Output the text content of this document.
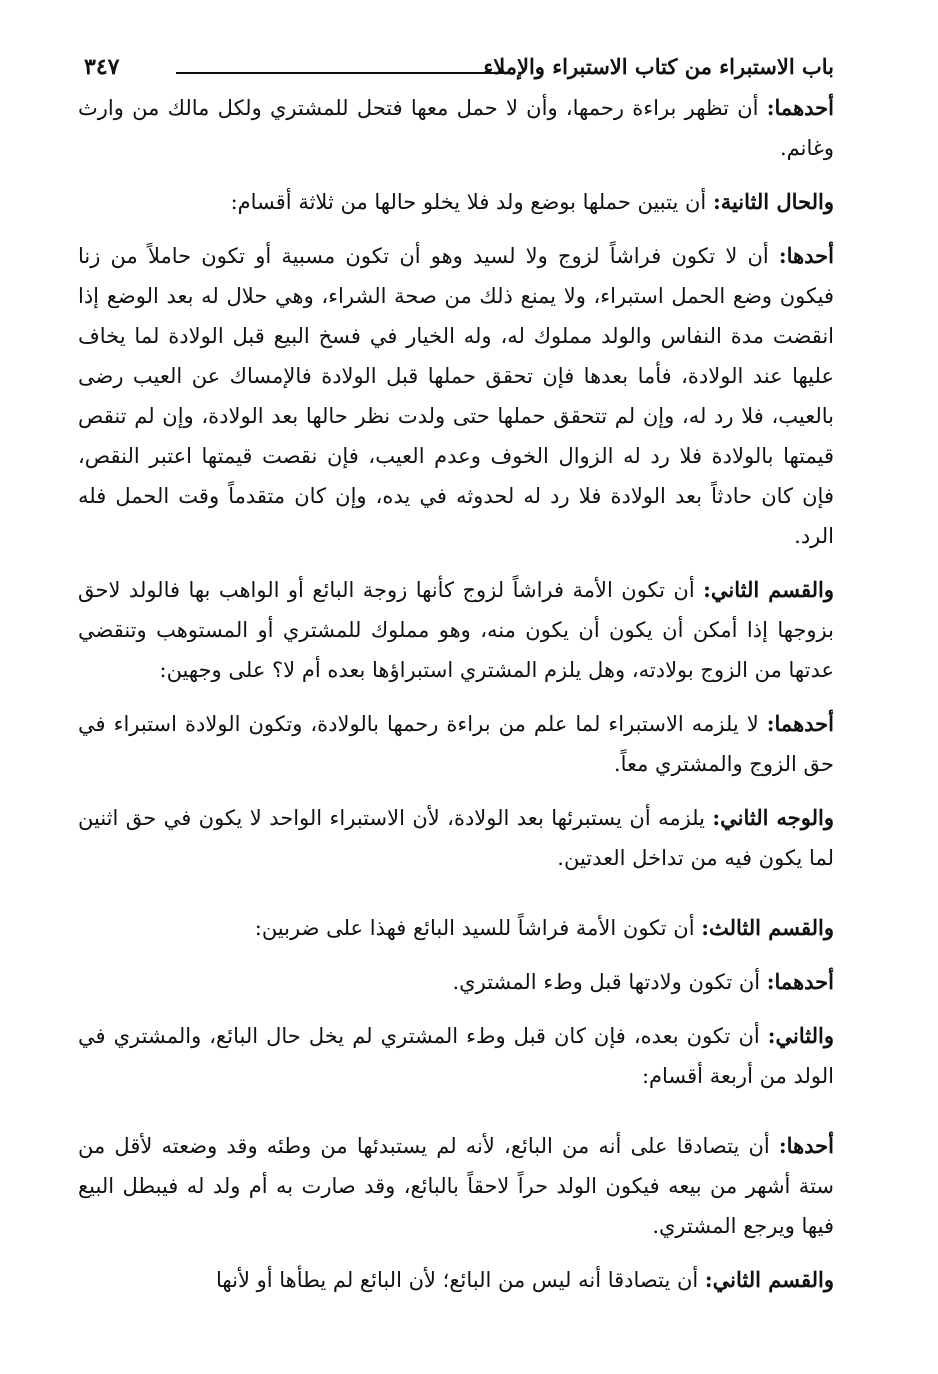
باب الاستبراء من كتاب الاستبراء والإملاء
٣٤٧

أحدهما: أن تظهر براءة رحمها، وأن لا حمل معها فتحل للمشتري ولكل مالك من وارث وغانم.

والحال الثانية: أن يتبين حملها بوضع ولد فلا يخلو حالها من ثلاثة أقسام:

أحدها: أن لا تكون فراشاً لزوج ولا لسيد وهو أن تكون مسبية أو تكون حاملاً من زنا فيكون وضع الحمل استبراء، ولا يمنع ذلك من صحة الشراء، وهي حلال له بعد الوضع إذا انقضت مدة النفاس والولد مملوك له، وله الخيار في فسخ البيع قبل الولادة لما يخاف عليها عند الولادة، فأما بعدها فإن تحقق حملها قبل الولادة فالإمساك عن العيب رضى بالعيب، فلا رد له، وإن لم تتحقق حملها حتى ولدت نظر حالها بعد الولادة، وإن لم تنقص قيمتها بالولادة فلا رد له الزوال الخوف وعدم العيب، فإن نقصت قيمتها اعتبر النقص، فإن كان حادثاً بعد الولادة فلا رد له لحدوثه في يده، وإن كان متقدماً وقت الحمل فله الرد.

والقسم الثاني: أن تكون الأمة فراشاً لزوج كأنها زوجة البائع أو الواهب بها فالولد لاحق بزوجها إذا أمكن أن يكون أن يكون منه، وهو مملوك للمشتري أو المستوهب وتنقضي عدتها من الزوج بولادته، وهل يلزم المشتري استبراؤها بعده أم لا؟ على وجهين:

أحدهما: لا يلزمه الاستبراء لما علم من براءة رحمها بالولادة، وتكون الولادة استبراء في حق الزوج والمشتري معاً.

والوجه الثاني: يلزمه أن يستبرئها بعد الولادة، لأن الاستبراء الواحد لا يكون في حق اثنين لما يكون فيه من تداخل العدتين.

والقسم الثالث: أن تكون الأمة فراشاً للسيد البائع فهذا على ضربين:

أحدهما: أن تكون ولادتها قبل وطء المشتري.

والثاني: أن تكون بعده، فإن كان قبل وطء المشتري لم يخل حال البائع، والمشتري في الولد من أربعة أقسام:

أحدها: أن يتصادقا على أنه من البائع، لأنه لم يستبدئها من وطئه وقد وضعته لأقل من ستة أشهر من بيعه فيكون الولد حراً لاحقاً بالبائع، وقد صارت به أم ولد له فيبطل البيع فيها ويرجع المشتري.

والقسم الثاني: أن يتصادقا أنه ليس من البائع؛ لأن البائع لم يطأها أو لأنها
